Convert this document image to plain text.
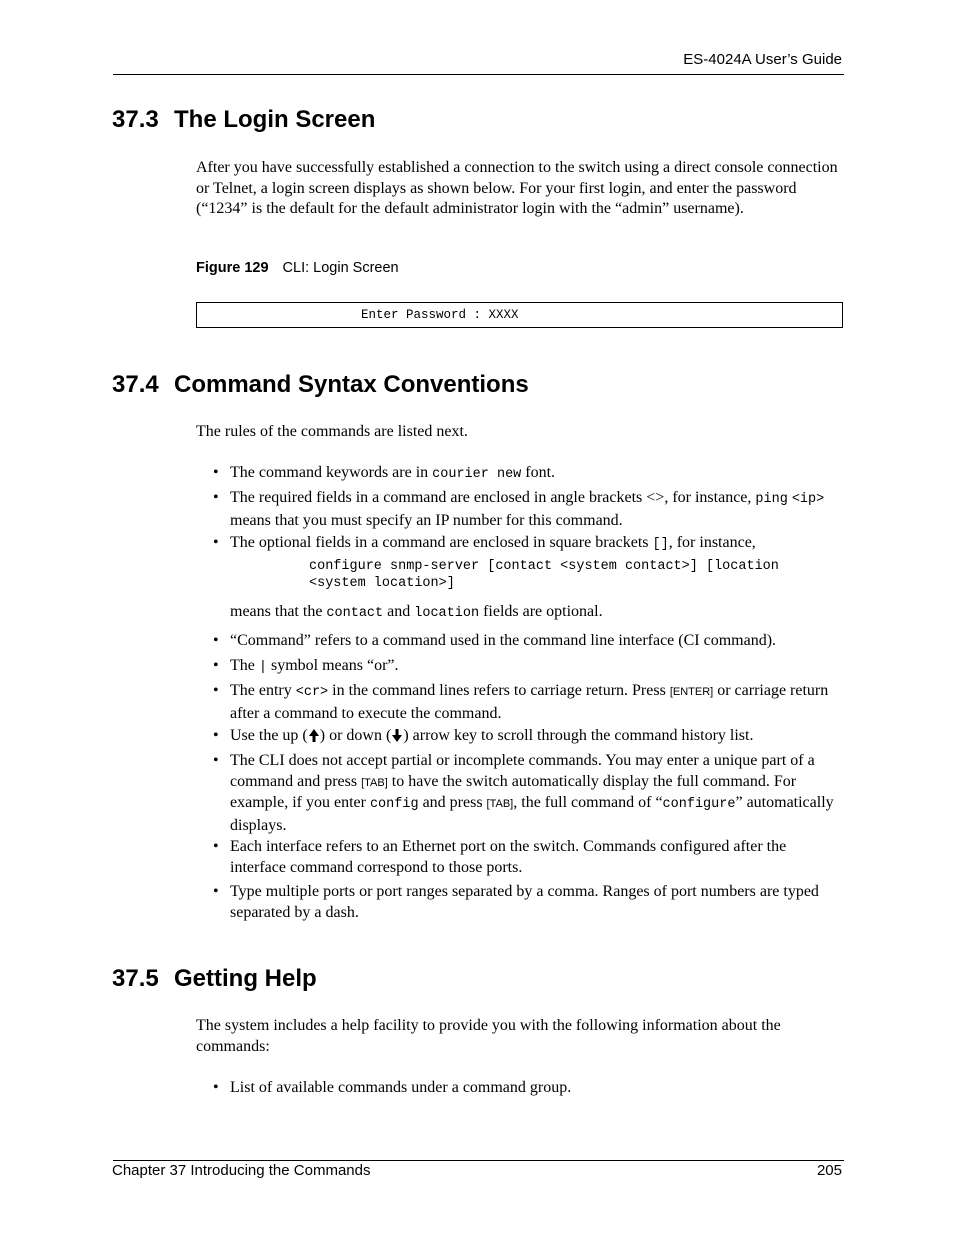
ES-4024A User’s Guide
37.3 The Login Screen

After you have successfully established a connection to the switch using a direct console connection or Telnet, a login screen displays as shown below. For your first login, and enter the password (“1234” is the default for the default administrator login with the “admin” username).

Figure 129 CLI: Login Screen
Enter Password : XXXX
37.4 Command Syntax Conventions

The rules of the commands are listed next.

• The command keywords are in courier new font.

• The required fields in a command are enclosed in angle brackets <>, for instance, ping <ip> means that you must specify an IP number for this command.

• The optional fields in a command are enclosed in square brackets [], for instance,

configure snmp-server [contact <system contact>] [location
<system location>]

means that the contact and location fields are optional.

• “Command” refers to a command used in the command line interface (CI command).

• The | symbol means “or”.

• The entry <cr> in the command lines refers to carriage return. Press [ENTER] or carriage return after a command to execute the command.

• Use the up ( ) or down ( ) arrow key to scroll through the command history list.

• The CLI does not accept partial or incomplete commands. You may enter a unique part of a command and press [TAB] to have the switch automatically display the full command. For example, if you enter config and press [TAB], the full command of “configure” automatically displays.

• Each interface refers to an Ethernet port on the switch. Commands configured after the interface command correspond to those ports.

• Type multiple ports or port ranges separated by a comma. Ranges of port numbers are typed separated by a dash.

37.5 Getting Help

The system includes a help facility to provide you with the following information about the commands:

• List of available commands under a command group.

Chapter 37 Introducing the Commands	205
